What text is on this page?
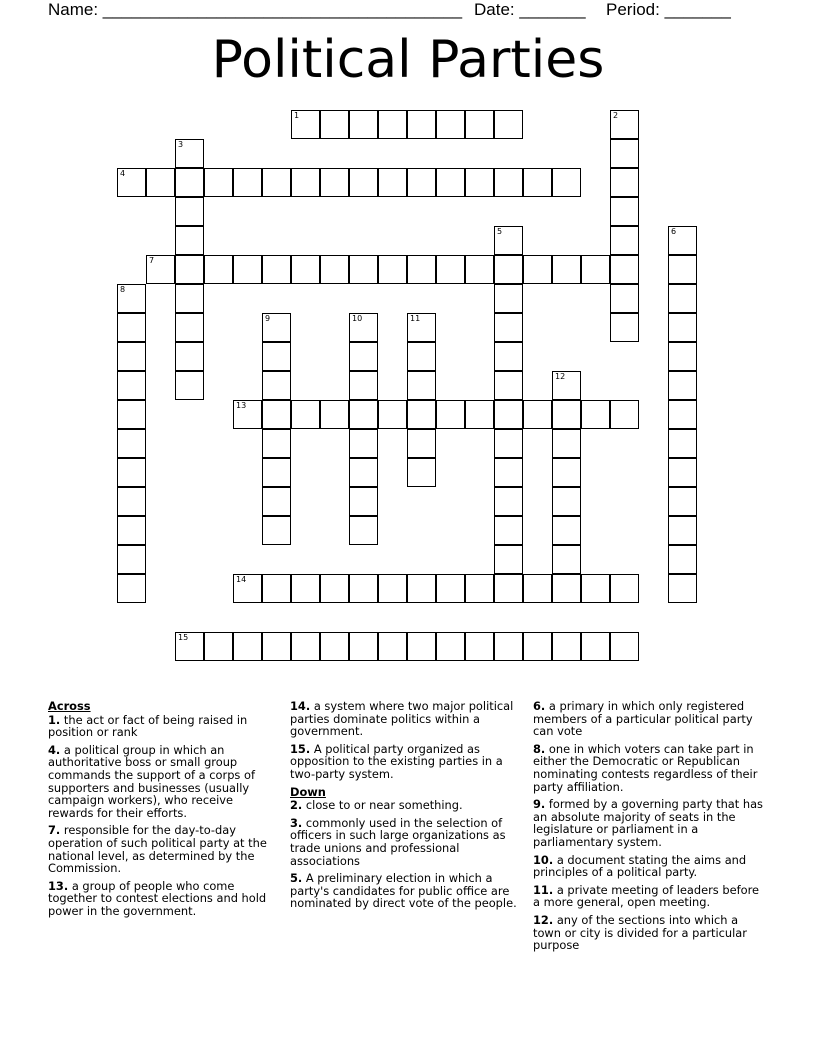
Name: ______________________________________ Date: _______ Period: _______
Political Parties
1	2
3
4
5	6
7
8
9	10	11
12
13
14
15
Across
1. the act or fact of being raised in position or rank
4. a political group in which an authoritative boss or small group commands the support of a corps of supporters and businesses (usually campaign workers), who receive rewards for their efforts.
7. responsible for the day-to-day operation of such political party at the national level, as determined by the Commission.
13. a group of people who come together to contest elections and hold power in the government.
14. a system where two major political parties dominate politics within a government.
15. A political party organized as opposition to the existing parties in a two-party system.
Down
2. close to or near something.
3. commonly used in the selection of officers in such large organizations as trade unions and professional associations
5. A preliminary election in which a party's candidates for public office are nominated by direct vote of the people.
6. a primary in which only registered members of a particular political party can vote
8. one in which voters can take part in either the Democratic or Republican nominating contests regardless of their party affiliation.
9. formed by a governing party that has an absolute majority of seats in the legislature or parliament in a parliamentary system.
10. a document stating the aims and principles of a political party.
11. a private meeting of leaders before a more general, open meeting.
12. any of the sections into which a town or city is divided for a particular purpose
